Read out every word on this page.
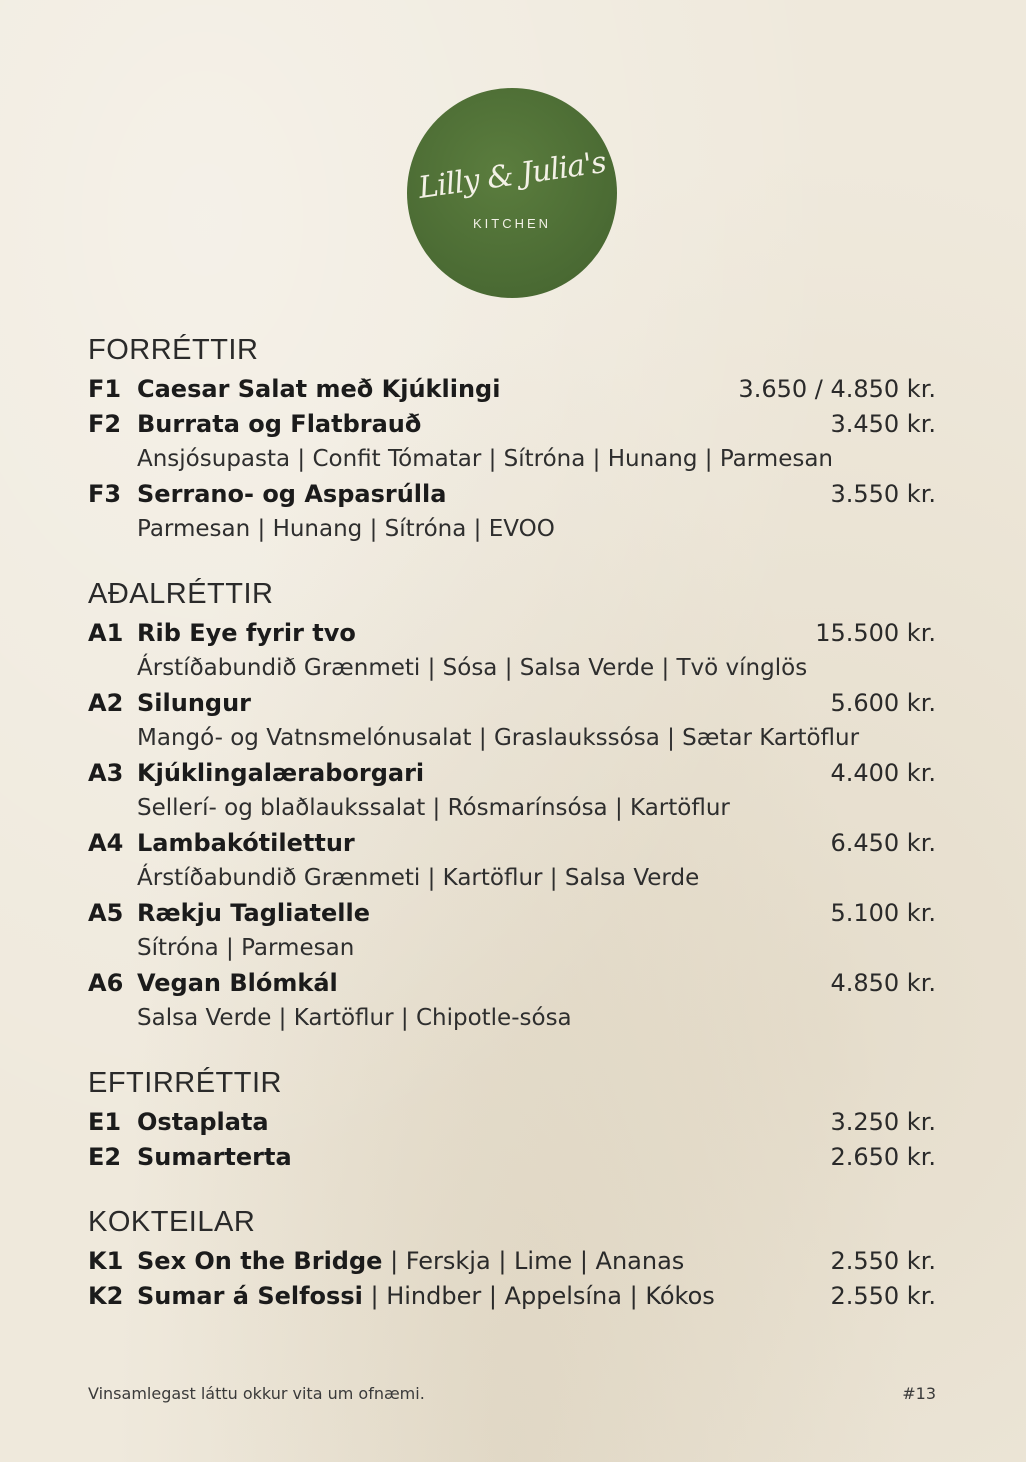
Lilly & Julia's
KITCHEN
FORRÉTTIR
F1 Caesar Salat með Kjúklingi	3.650 / 4.850 kr.
F2 Burrata og Flatbrauð	3.450 kr.
Ansjósupasta | Confit Tómatar | Sítróna | Hunang | Parmesan
F3 Serrano- og Aspasrúlla	3.550 kr.
Parmesan | Hunang | Sítróna | EVOO
AÐALRÉTTIR
A1 Rib Eye fyrir tvo	15.500 kr.
Árstíðabundið Grænmeti | Sósa | Salsa Verde | Tvö vínglös
A2 Silungur	5.600 kr.
Mangó- og Vatnsmelónusalat | Graslaukssósa | Sætar Kartöflur
A3 Kjúklingalæraborgari	4.400 kr.
Sellerí- og blaðlaukssalat | Rósmarínsósa | Kartöflur
A4 Lambakótilettur	6.450 kr.
Árstíðabundið Grænmeti | Kartöflur | Salsa Verde
A5 Rækju Tagliatelle	5.100 kr.
Sítróna | Parmesan
A6 Vegan Blómkál	4.850 kr.
Salsa Verde | Kartöflur | Chipotle-sósa
EFTIRRÉTTIR
E1 Ostaplata	3.250 kr.
E2 Sumarterta	2.650 kr.
KOKTEILAR
K1 Sex On the Bridge | Ferskja | Lime | Ananas	2.550 kr.
K2 Sumar á Selfossi | Hindber | Appelsína | Kókos	2.550 kr.
Vinsamlegast láttu okkur vita um ofnæmi.	#13
